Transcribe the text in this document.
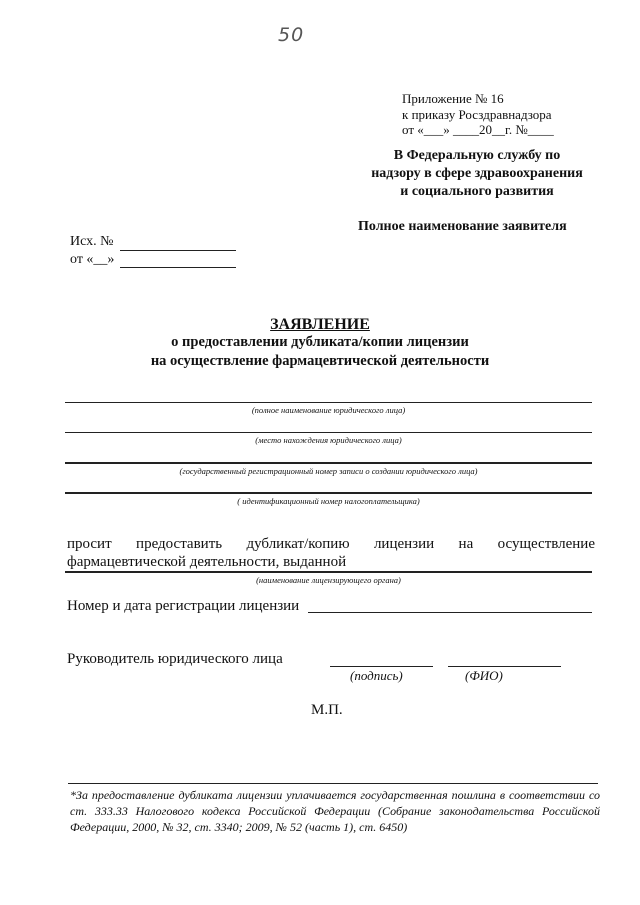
50
Приложение № 16
к приказу Росздравнадзора
от «___» ____20__г. №____
В Федеральную службу по
надзору в сфере здравоохранения
и социального развития
Полное наименование заявителя
Исх. №
от «__»
ЗАЯВЛЕНИЕ
о предоставлении дубликата/копии лицензии
на осуществление фармацевтической деятельности
(полное наименование юридического лица)
(место нахождения юридического лица)
(государственный регистрационный номер записи о создании юридического лица)
( идентификационный номер налогоплательщика)
просит предоставить дубликат/копию лицензии на осуществление
фармацевтической деятельности, выданной
(наименование лицензирующего органа)
Номер и дата регистрации лицензии
Руководитель юридического лица
(подпись)	(ФИО)
М.П.
*За предоставление дубликата лицензии уплачивается государственная пошлина в соответствии со ст. 333.33 Налогового кодекса Российской Федерации (Собрание законодательства Российской Федерации, 2000, № 32, ст. 3340; 2009, № 52 (часть 1), ст. 6450)
